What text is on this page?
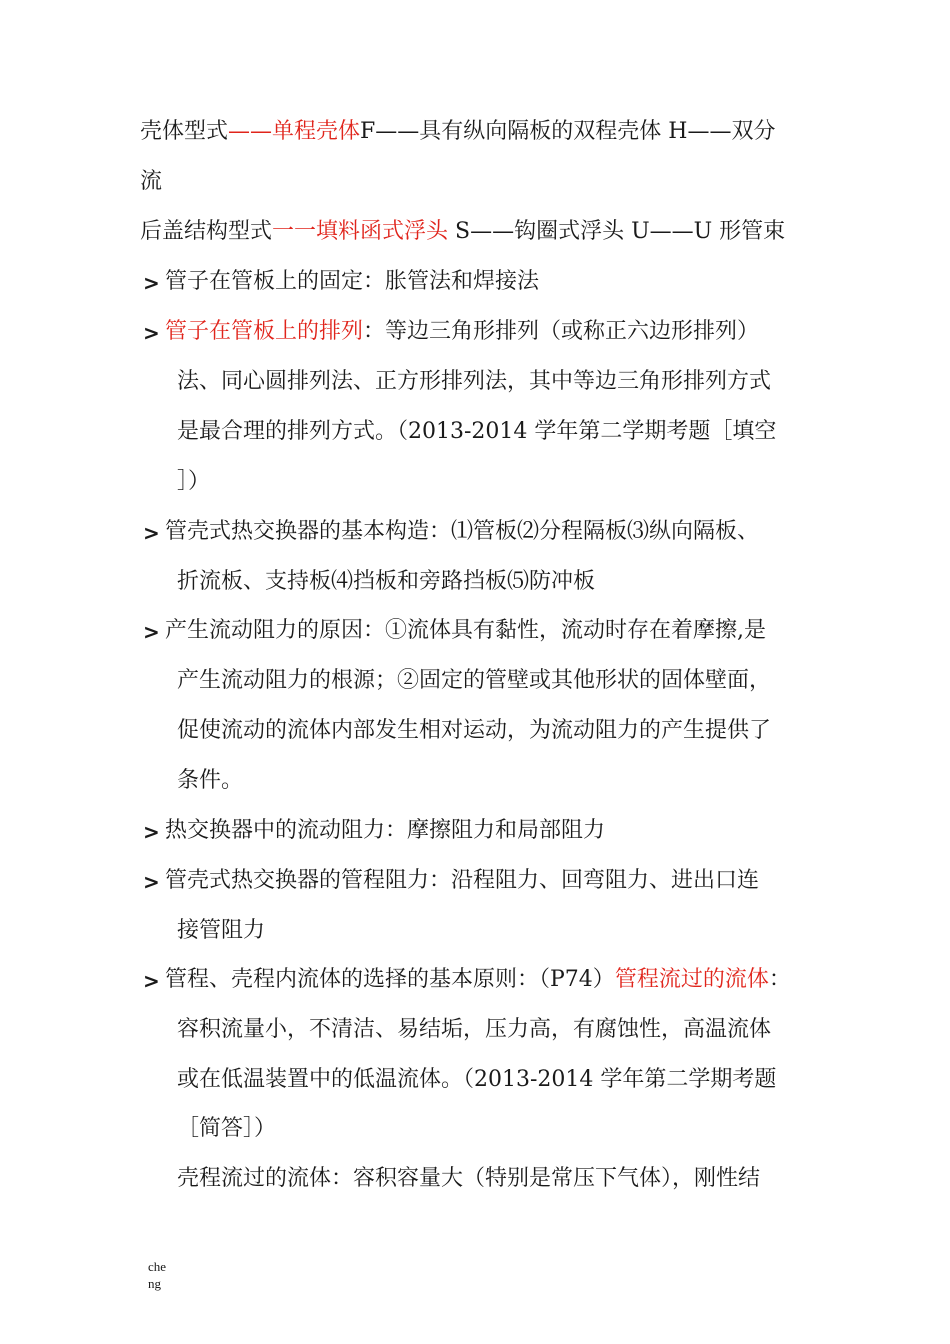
壳体型式——单程壳体F——具有纵向隔板的双程壳体 H——双分
流
后盖结构型式一一填料函式浮头 S——钩圈式浮头 U——U 形管束
> 管子在管板上的固定：胀管法和焊接法
> 管子在管板上的排列：等边三角形排列（或称正六边形排列）
法、同心圆排列法、正方形排列法，其中等边三角形排列方式
是最合理的排列方式。（2013-2014 学年第二学期考题［填空
］）
> 管壳式热交换器的基本构造：⑴管板⑵分程隔板⑶纵向隔板、
折流板、支持板⑷挡板和旁路挡板⑸防冲板
> 产生流动阻力的原因：①流体具有黏性，流动时存在着摩擦,是
产生流动阻力的根源；②固定的管壁或其他形状的固体壁面，
促使流动的流体内部发生相对运动，为流动阻力的产生提供了
条件。
> 热交换器中的流动阻力：摩擦阻力和局部阻力
> 管壳式热交换器的管程阻力：沿程阻力、回弯阻力、进出口连
接管阻力
> 管程、壳程内流体的选择的基本原则：（P74）管程流过的流体：
容积流量小，不清洁、易结垢，压力高，有腐蚀性，高温流体
或在低温装置中的低温流体。（2013-2014 学年第二学期考题
［简答］）
壳程流过的流体：容积容量大（特别是常压下气体），刚性结
che
ng
